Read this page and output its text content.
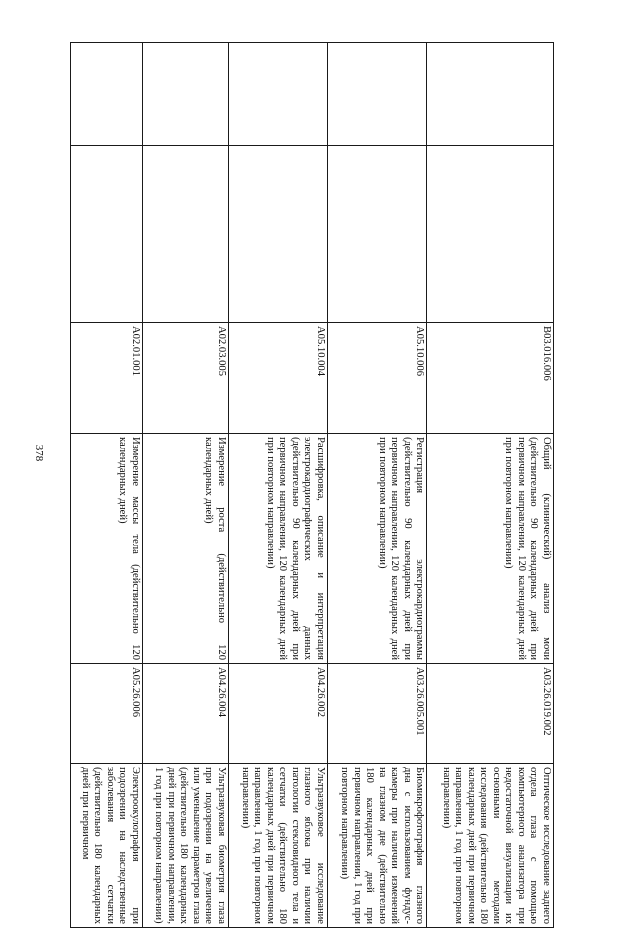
378
		B03.016.006	Общий (клинический) анализ мочи (действительно 90 календарных дней при первичном направлении, 120 календарных дней при повторном направлении)	A03.26.019.002	Оптическое исследование заднего отдела глаза с помощью компьютерного анализатора при недостаточной визуализации их основными методами исследования (действительно 180 календарных дней при первичном направлении, 1 год при повторном направлении)
		A05.10.006	Регистрация электрокардиограммы (действительно 90 календарных дней при первичном направлении, 120 календарных дней при повторном направлении)	A03.26.005.001	Биомикрофотография глазного дна с использованием фундус-камеры при наличии изменений на глазном дне (действительно 180 календарных дней при первичном направлении, 1 год при повторном направлении)
		A05.10.004	Расшифровка, описание и интерпретация электрокардиографических данных (действительно 90 календарных дней при первичном направлении, 120 календарных дней при повторном направлении)	A04.26.002	Ультразвуковое исследование глазного яблока при наличии патологии стекловидного тела и сетчатки (действительно 180 календарных дней при первичном направлении, 1 год при повторном направлении)
		A02.03.005	Измерение роста (действительно 120 календарных дней)	A04.26.004	Ультразвуковая биометрия глаза при подозрении на увеличение или уменьшение параметров глаза (действительно 180 календарных дней при первичном направлении, 1 год при повторном направлении)
		A02.01.001	Измерение массы тела (действительно 120 календарных дней)	A05.26.006	Электроокулография при подозрении на наследственные заболевания сетчатки (действительно 180 календарных дней при первичном
